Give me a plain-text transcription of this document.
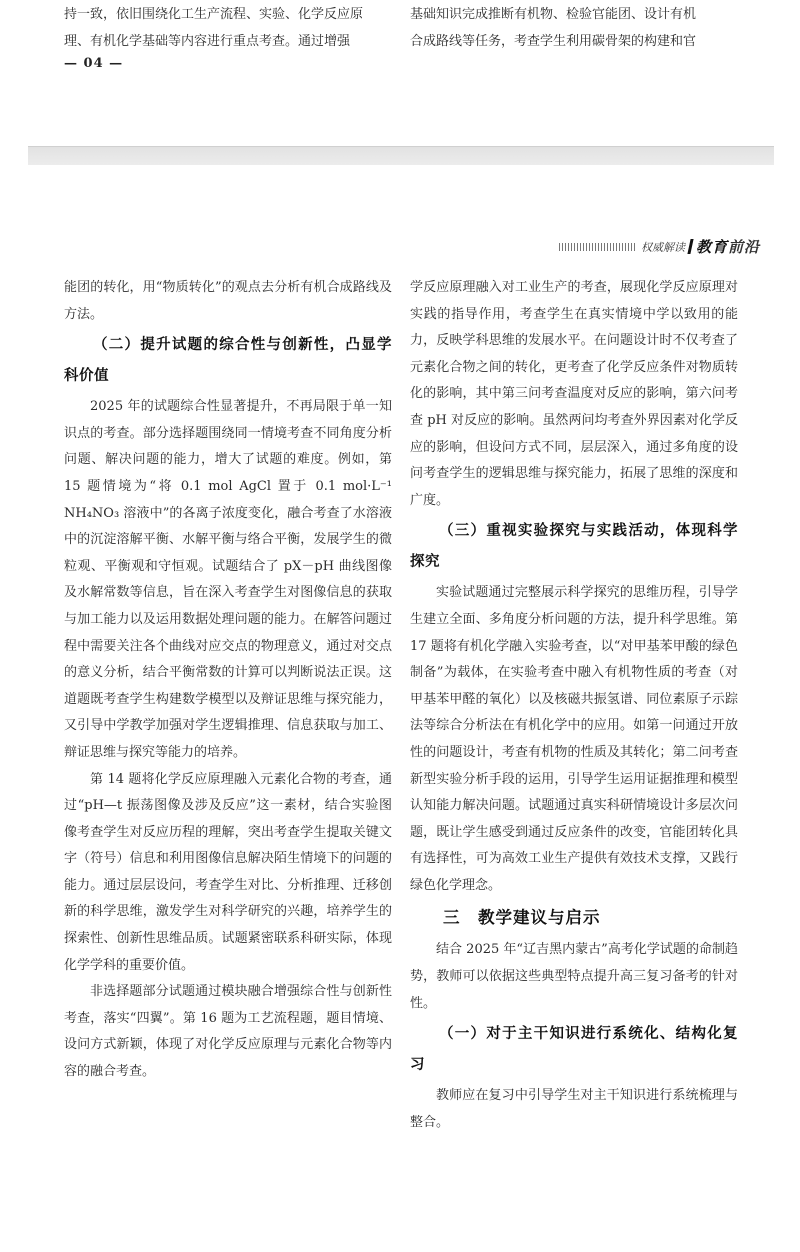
持一致，依旧围绕化工生产流程、实验、化学反应原

理、有机化学基础等内容进行重点考查。通过增强

— 04 —

基础知识完成推断有机物、检验官能团、设计有机

合成路线等任务，考查学生利用碳骨架的构建和官

权威解读 教育前沿

能团的转化，用“物质转化”的观点去分析有机合成路线及方法。

（二）提升试题的综合性与创新性，凸显学科价值

2025 年的试题综合性显著提升，不再局限于单一知识点的考查。部分选择题围绕同一情境考查不同角度分析问题、解决问题的能力，增大了试题的难度。例如，第 15 题情境为“将 0.1 mol AgCl 置于 0.1 mol·L⁻¹ NH₄NO₃ 溶液中”的各离子浓度变化，融合考查了水溶液中的沉淀溶解平衡、水解平衡与络合平衡，发展学生的微粒观、平衡观和守恒观。试题结合了 pX－pH 曲线图像及水解常数等信息，旨在深入考查学生对图像信息的获取与加工能力以及运用数据处理问题的能力。在解答问题过程中需要关注各个曲线对应交点的物理意义，通过对交点的意义分析，结合平衡常数的计算可以判断说法正误。这道题既考查学生构建数学模型以及辩证思维与探究能力，又引导中学教学加强对学生逻辑推理、信息获取与加工、辩证思维与探究等能力的培养。

第 14 题将化学反应原理融入元素化合物的考查，通过“pH—t 振荡图像及涉及反应”这一素材，结合实验图像考查学生对反应历程的理解，突出考查学生提取关键文字（符号）信息和利用图像信息解决陌生情境下的问题的能力。通过层层设问，考查学生对比、分析推理、迁移创新的科学思维，激发学生对科学研究的兴趣，培养学生的探索性、创新性思维品质。试题紧密联系科研实际，体现化学学科的重要价值。

非选择题部分试题通过模块融合增强综合性与创新性考查，落实“四翼”。第 16 题为工艺流程题，题目情境、设问方式新颖，体现了对化学反应原理与元素化合物等内容的融合考查。

学反应原理融入对工业生产的考查，展现化学反应原理对实践的指导作用，考查学生在真实情境中学以致用的能力，反映学科思维的发展水平。在问题设计时不仅考查了元素化合物之间的转化，更考查了化学反应条件对物质转化的影响，其中第三问考查温度对反应的影响，第六问考查 pH 对反应的影响。虽然两问均考查外界因素对化学反应的影响，但设问方式不同，层层深入，通过多角度的设问考查学生的逻辑思维与探究能力，拓展了思维的深度和广度。

（三）重视实验探究与实践活动，体现科学探究

实验试题通过完整展示科学探究的思维历程，引导学生建立全面、多角度分析问题的方法，提升科学思维。第 17 题将有机化学融入实验考查，以“对甲基苯甲酸的绿色制备”为载体，在实验考查中融入有机物性质的考查（对甲基苯甲醛的氧化）以及核磁共振氢谱、同位素原子示踪法等综合分析法在有机化学中的应用。如第一问通过开放性的问题设计，考查有机物的性质及其转化；第二问考查新型实验分析手段的运用，引导学生运用证据推理和模型认知能力解决问题。试题通过真实科研情境设计多层次问题，既让学生感受到通过反应条件的改变，官能团转化具有选择性，可为高效工业生产提供有效技术支撑，又践行绿色化学理念。

三　教学建议与启示

结合 2025 年“辽吉黑内蒙古”高考化学试题的命制趋势，教师可以依据这些典型特点提升高三复习备考的针对性。

（一）对于主干知识进行系统化、结构化复习

教师应在复习中引导学生对主干知识进行系统梳理与整合。
